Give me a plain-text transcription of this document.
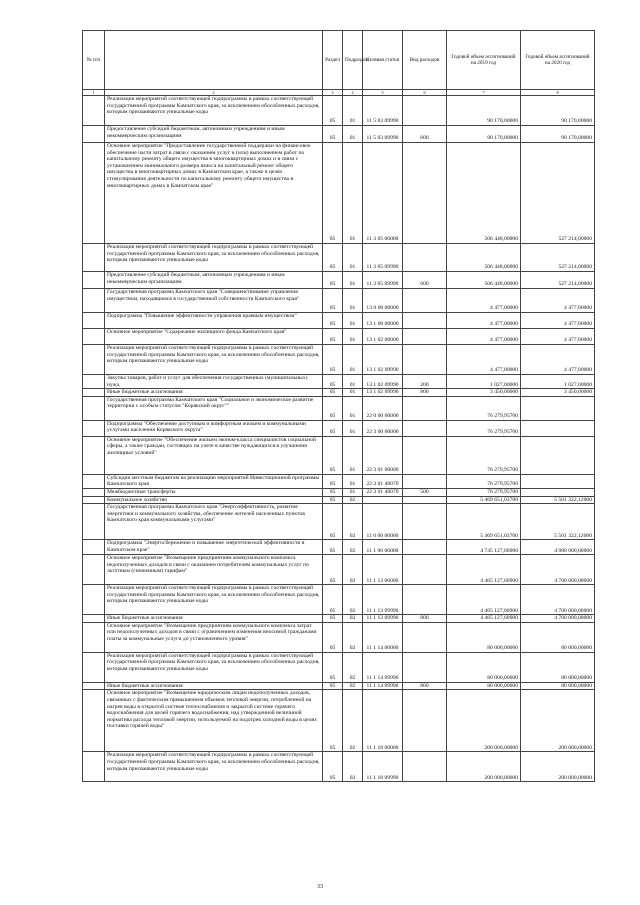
№ п/п		Раздел	Подраздел	Целевая статья	Вид расходов	Годовой объем ассигнований на 2019 год	Годовой объем ассигнований на 2020 год
1	2	3	4	5	6	7	8
	Реализация мероприятий соответствующей подпрограммы в рамках соответствующей государственной программы Камчатского края, за исключением обособленных расходов, которым присваиваются уникальные коды	05	01	11 5 03 09990		90 170,00000	90 170,00000
	Предоставление субсидий бюджетным, автономным учреждениям и иным некоммерческим организациям	05	01	11 5 03 09990	600	90 170,00000	90 170,00000
	Основное мероприятие "Предоставление государственной поддержки на финансовое обеспечение части затрат в связи с оказанием услуг и (или) выполнением работ по капитальному ремонту общего имущества в многоквартирных домах и в связи с установлением минимального размера взноса на капитальный ремонт общего имущества в многоквартирных домах в Камчатском крае, а также в целях стимулирования деятельности по капитальному ремонту общего имущества в многоквартирных домах в Камчатском крае"	05	01	11 3 05 00000		506 448,00000	527 214,00000
	Реализация мероприятий соответствующей подпрограммы в рамках соответствующей государственной программы Камчатского края, за исключением обособленных расходов, которым присваиваются уникальные коды	05	01	11 3 05 09990		506 448,00000	527 214,00000
	Предоставление субсидий бюджетным, автономным учреждениям и иным некоммерческим организациям	05	01	11 3 05 09990	600	506 448,00000	527 214,00000
	Государственная программа Камчатского края "Совершенствование управления имуществом, находящимся в государственной собственности Камчатского края"	05	01	13 0 00 00000		4 477,00000	4 477,00000
	Подпрограмма "Повышение эффективности управления краевым имуществом"	05	01	13 1 00 00000		4 477,00000	4 477,00000
	Основное мероприятие "Содержание жилищного фонда Камчатского края"	05	01	13 1 02 00000		4 477,00000	4 477,00000
	Реализация мероприятий соответствующей подпрограммы в рамках соответствующей государственной программы Камчатского края, за исключением обособленных расходов, которым присваиваются уникальные коды	05	01	13 1 02 09990		4 477,00000	4 477,00000
	Закупка товаров, работ и услуг для обеспечения государственных (муниципальных) нужд	05	01	13 1 02 09990	200	1 027,00000	1 027,00000
	Иные бюджетные ассигнования	05	01	13 1 02 09990	800	3 450,00000	3 450,00000
	Государственная программа Камчатского края "Социальное и экономическое развитие территории с особым статусом "Корякский округ""	05	01	22 0 00 00000		76 279,95700	
	Подпрограмма "Обеспечение доступным и комфортным жильем и коммунальными услугами населения Корякского округа"	05	01	22 3 00 00000		76 279,95700	
	Основное мероприятие "Обеспечение жильем эконом-класса специалистов социальной сферы, а также граждан, состоящих на учете в качестве нуждающихся в улучшении жилищных условий"	05	01	22 3 01 00000		76 279,95700	
	Субсидии местным бюджетам на реализацию мероприятий Инвестиционной программы Камчатского края	05	01	22 3 01 40070		76 279,95700	
	Межбюджетные трансферты	05	01	22 3 01 40070	500	76 279,95700	
	Коммунальное хозяйство	05	02			5 469 651,03700	5 501 322,12000
	Государственная программа Камчатского края "Энергоэффективность, развитие энергетики и коммунального хозяйства, обеспечение жителей населенных пунктов Камчатского края коммунальными услугами"	05	02	11 0 00 00000		5 469 651,03700	5 501 322,12000
	Подпрограмма "Энергосбережение и повышение энергетической эффективности в Камчатском крае"	05	02	11 1 00 00000		4 745 127,60900	4 980 000,00000
	Основное мероприятие "Возмещение предприятиям коммунального комплекса недополученных доходов в связи с оказанием потребителям коммунальных услуг по льготным (сниженным) тарифам"	05	02	11 1 13 00000		4 465 127,60900	4 700 000,00000
	Реализация мероприятий соответствующей подпрограммы в рамках соответствующей государственной программы Камчатского края, за исключением обособленных расходов, которым присваиваются уникальные коды	05	02	11 1 13 09990		4 465 127,60900	4 700 000,00000
	Иные бюджетные ассигнования	05	02	11 1 13 09990	800	4 465 127,60900	4 700 000,00000
	Основное мероприятие "Возмещение предприятиям коммунального комплекса затрат или недополученных доходов в связи с ограничением изменения вносимой гражданами платы за коммунальные услуги до установленного уровня"	05	02	11 1 14 00000		80 000,00000	80 000,00000
	Реализация мероприятий соответствующей подпрограммы в рамках соответствующей государственной программы Камчатского края, за исключением обособленных расходов, которым присваиваются уникальные коды	05	02	11 1 14 09990		80 000,00000	80 000,00000
	Иные бюджетные ассигнования	05	02	11 1 14 09990	800	80 000,00000	80 000,00000
	Основное мероприятие "Возмещение юридическим лицам недополученных доходов, связанных с фактическим превышением объемов тепловой энергии, потребленной на нагрев воды в открытой системе теплоснабжения и закрытой системе горячего водоснабжения для целей горячего водоснабжения, над утвержденной величиной норматива расхода тепловой энергии, используемой на подогрев холодной воды в целях поставки горячей воды"	05	02	11 1 18 00000		200 000,00000	200 000,00000
	Реализация мероприятий соответствующей подпрограммы в рамках соответствующей государственной программы Камчатского края, за исключением обособленных расходов, которым присваиваются уникальные коды	05	02	11 1 18 09990		200 000,00000	200 000,00000
33
